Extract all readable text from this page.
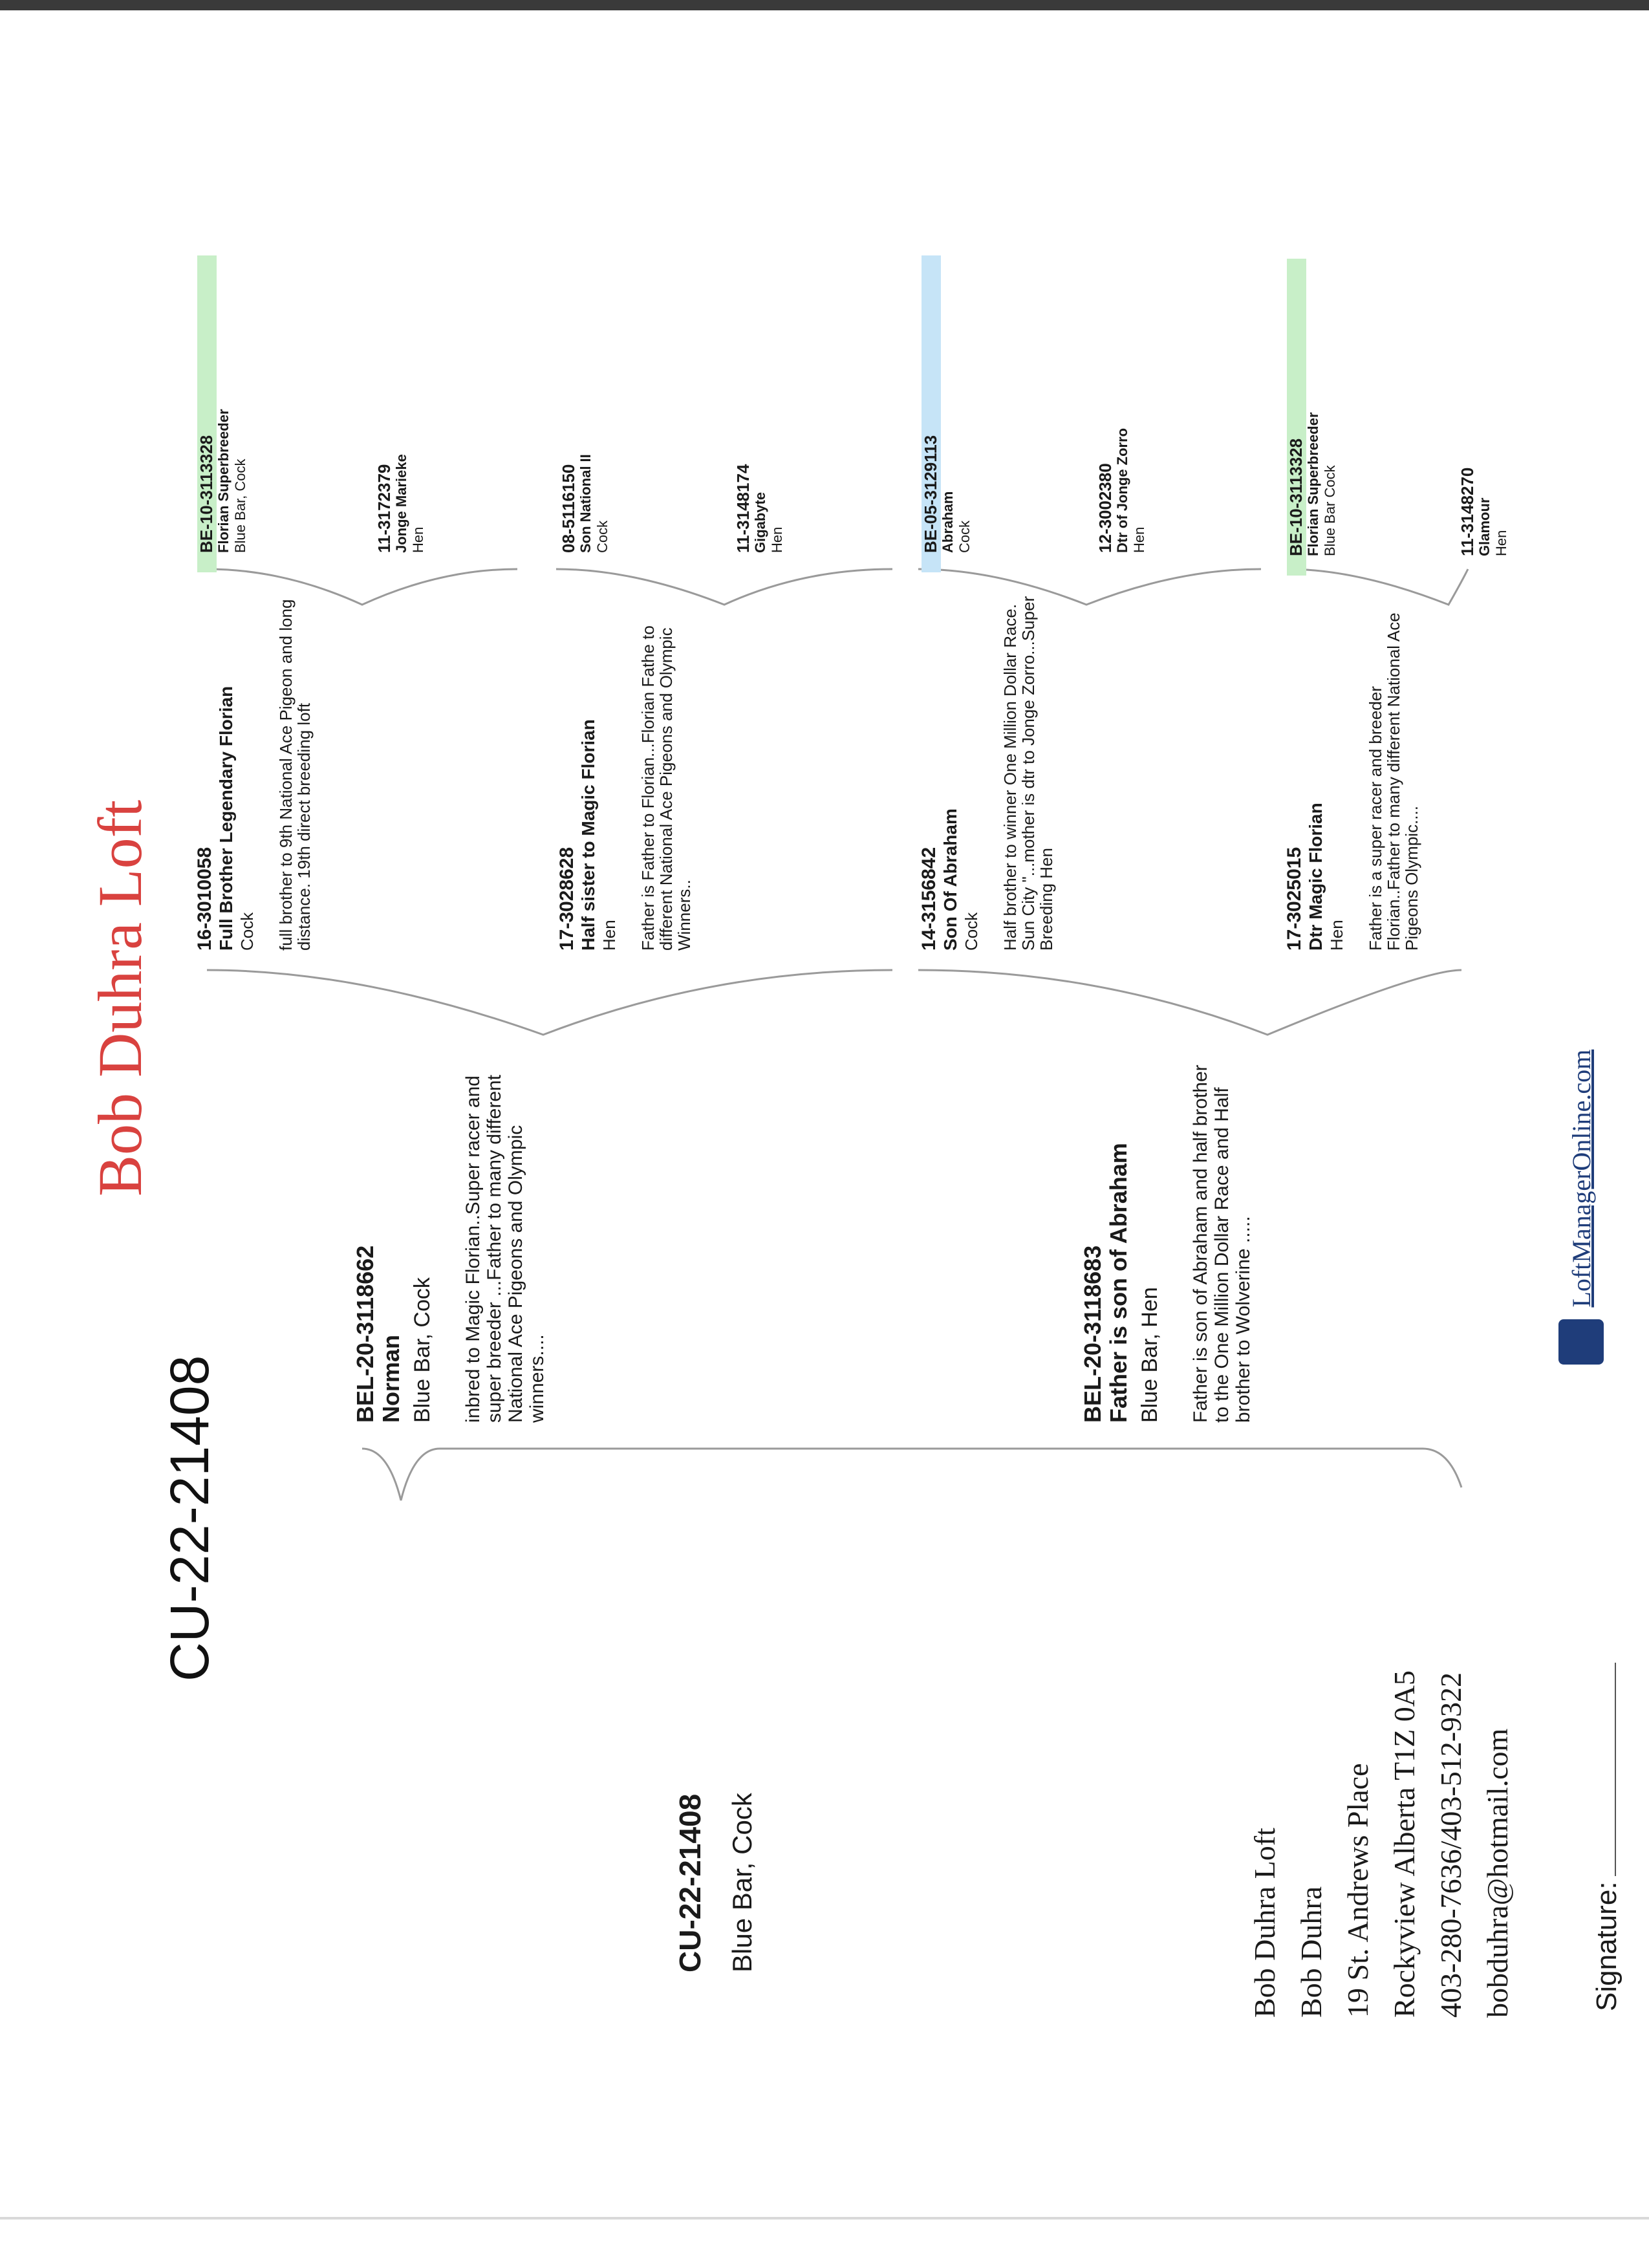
Bob Duhra Loft
CU-22-21408
CU-22-21408 Blue Bar, Cock
BEL-20-3118662 Norman Blue Bar, Cock inbred to Magic Florian..Super racer and super breeder ...Father to many different National Ace Pigeons and Olympic winners....	BEL-20-3118683 Father is son of Abraham Blue Bar, Hen Father is son of Abraham and half brother to the One Million Dollar Race and Half brother to Wolverine .....
16-3010058 Full Brother Legendary Florian Cock full brother to 9th National Ace Pigeon and long distance. 19th direct breeding loft	17-3028628 Half sister to Magic Florian Hen Father is Father to Florian...Florian Fathe to different National Ace Pigeons and Olympic Winners..	14-3156842 Son Of Abraham Cock Half brother to winner One Million Dollar Race. Sun City "...mother is dtr to Jonge Zorro...Super Breeding Hen	17-3025015 Dtr Magic Florian Hen Father is a super racer and breeder Florian..Father to many different National Ace Pigeons Olympic....
BE-10-3113328 Florian Superbreeder Blue Bar, Cock	11-3172379 Jonge Marieke Hen	08-5116150 Son National II Cock	11-3148174 Gigabyte Hen	BE-05-3129113 Abraham Cock	12-3002380 Dtr of Jonge Zorro Hen	BE-10-3113328 Florian Superbreeder Blue Bar Cock	11-3148270 Glamour Hen
LoftManagerOnline.com
Bob Duhra Loft Bob Duhra 19 St. Andrews Place Rockyview Alberta T1Z 0A5 403-280-7636/403-512-9322 bobduhra@hotmail.com	Signature:
